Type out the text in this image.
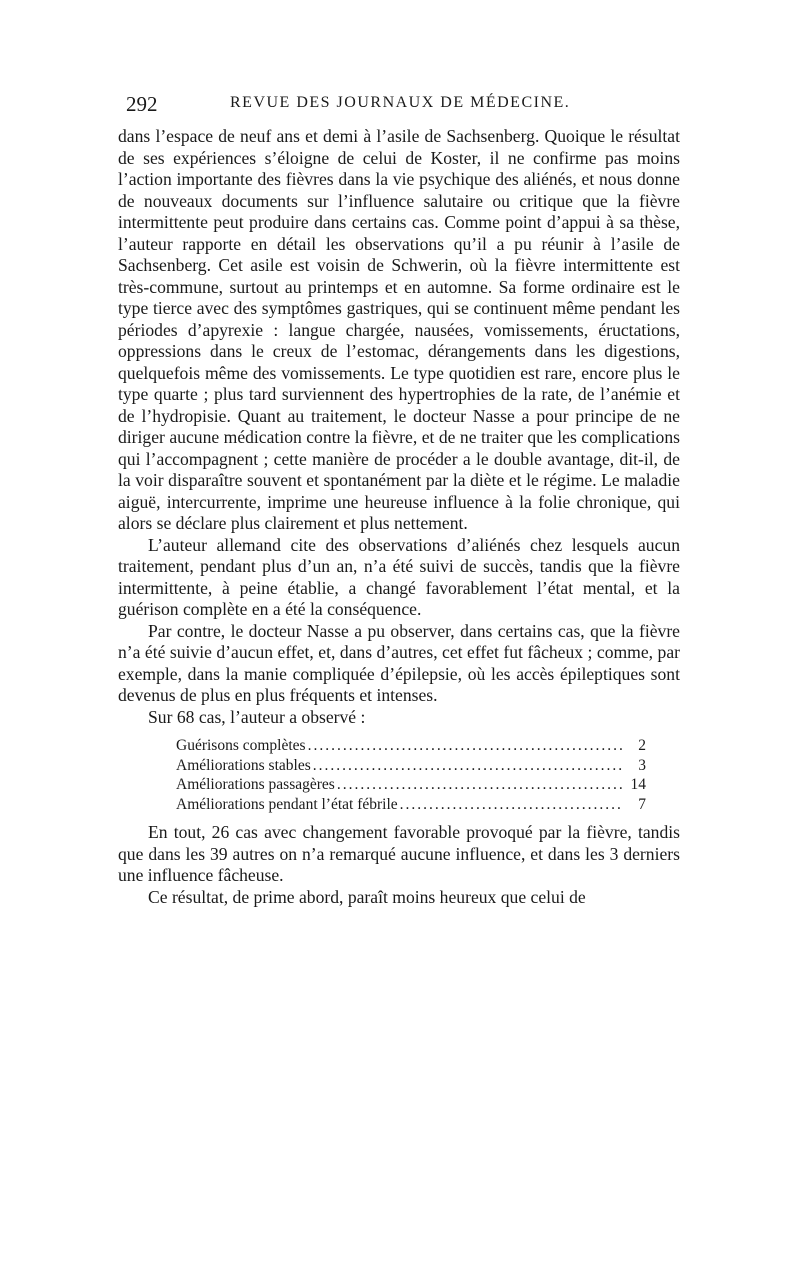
292	REVUE DES JOURNAUX DE MÉDECINE.

dans l’espace de neuf ans et demi à l’asile de Sachsenberg. Quoique le résultat de ses expériences s’éloigne de celui de Koster, il ne confirme pas moins l’action importante des fièvres dans la vie psychique des aliénés, et nous donne de nouveaux documents sur l’influence salutaire ou critique que la fièvre intermittente peut produire dans certains cas. Comme point d’appui à sa thèse, l’auteur rapporte en détail les observations qu’il a pu réunir à l’asile de Sachsenberg. Cet asile est voisin de Schwerin, où la fièvre intermittente est très-commune, surtout au printemps et en automne. Sa forme ordinaire est le type tierce avec des symptômes gastriques, qui se continuent même pendant les périodes d’apyrexie : langue chargée, nausées, vomissements, éructations, oppressions dans le creux de l’estomac, dérangements dans les digestions, quelquefois même des vomissements. Le type quotidien est rare, encore plus le type quarte ; plus tard surviennent des hypertrophies de la rate, de l’anémie et de l’hydropisie. Quant au traitement, le docteur Nasse a pour principe de ne diriger aucune médication contre la fièvre, et de ne traiter que les complications qui l’accompagnent ; cette manière de procéder a le double avantage, dit-il, de la voir disparaître souvent et spontanément par la diète et le régime. Le maladie aiguë, intercurrente, imprime une heureuse influence à la folie chronique, qui alors se déclare plus clairement et plus nettement.

L’auteur allemand cite des observations d’aliénés chez lesquels aucun traitement, pendant plus d’un an, n’a été suivi de succès, tandis que la fièvre intermittente, à peine établie, a changé favorablement l’état mental, et la guérison complète en a été la conséquence.

Par contre, le docteur Nasse a pu observer, dans certains cas, que la fièvre n’a été suivie d’aucun effet, et, dans d’autres, cet effet fut fâcheux ; comme, par exemple, dans la manie compliquée d’épilepsie, où les accès épileptiques sont devenus de plus en plus fréquents et intenses.

Sur 68 cas, l’auteur a observé :

Guérisons complètes .....	2
Améliorations stables .....	3
Améliorations passagères .....	14
Améliorations pendant l’état fébrile .....	7

En tout, 26 cas avec changement favorable provoqué par la fièvre, tandis que dans les 39 autres on n’a remarqué aucune influence, et dans les 3 derniers une influence fâcheuse.

Ce résultat, de prime abord, paraît moins heureux que celui de
